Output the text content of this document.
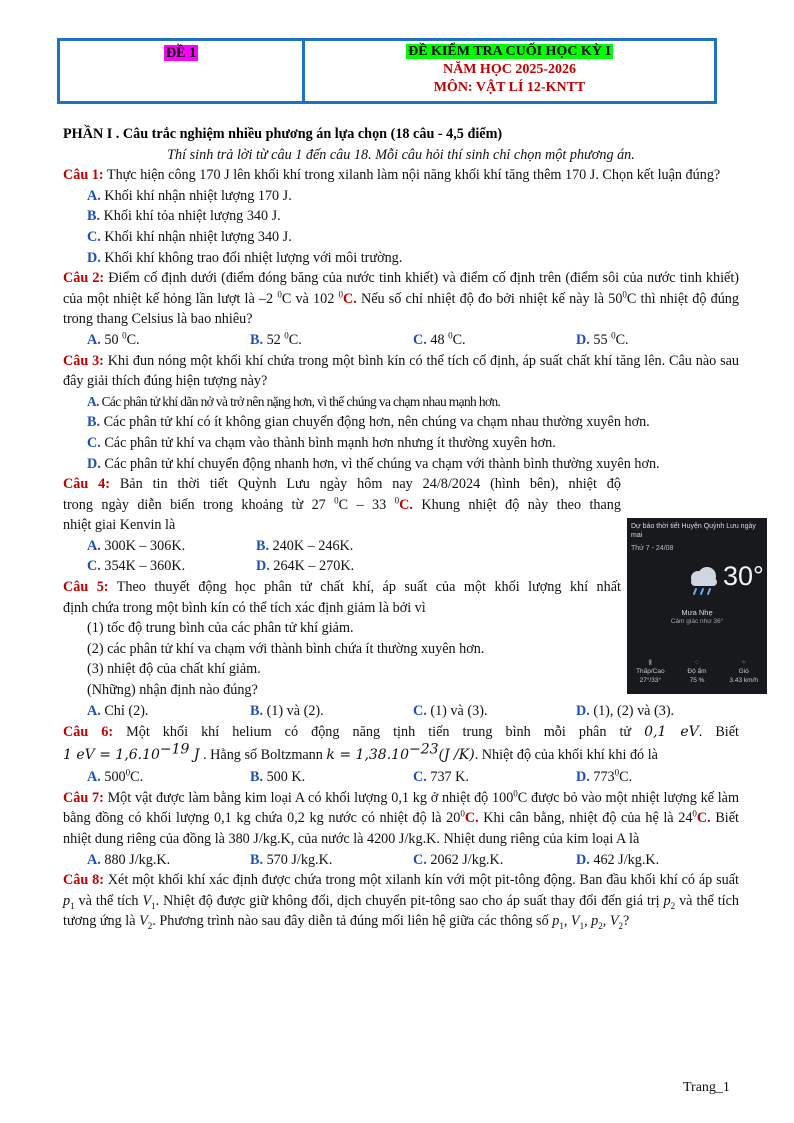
ĐỀ 1	ĐỀ KIỂM TRA CUỐI HỌC KỲ I
NĂM HỌC 2025-2026
MÔN: VẬT LÍ 12-KNTT
PHẦN I . Câu trắc nghiệm nhiều phương án lựa chọn (18 câu - 4,5 điểm)
Thí sinh trả lời từ câu 1 đến câu 18. Mỗi câu hỏi thí sinh chỉ chọn một phương án.
Câu 1: Thực hiện công 170 J lên khối khí trong xilanh làm nội năng khối khí tăng thêm 170 J. Chọn kết luận đúng?
A. Khối khí nhận nhiệt lượng 170 J.
B. Khối khí tỏa nhiệt lượng 340 J.
C. Khối khí nhận nhiệt lượng 340 J.
D. Khối khí không trao đổi nhiệt lượng với môi trường.
Câu 2: Điểm cố định dưới (điểm đóng băng của nước tinh khiết) và điểm cố định trên (điểm sôi của nước tinh khiết) của một nhiệt kế hỏng lần lượt là –2 $^0$C và 102 $^0$C. Nếu số chỉ nhiệt độ đo bởi nhiệt kế này là $50^0C$ thì nhiệt độ đúng trong thang Celsius là bao nhiêu?
A. 50 $^0$C.	B. 52 $^0$C.	C. 48 $^0$C.	D. 55 $^0$C.
Câu 3: Khi đun nóng một khối khí chứa trong một bình kín có thể tích cố định, áp suất chất khí tăng lên. Câu nào sau đây giải thích đúng hiện tượng này?
A. Các phân tử khí dãn nở và trở nên nặng hơn, vì thế chúng va chạm nhau mạnh hơn.
B. Các phân tử khí có ít không gian chuyển động hơn, nên chúng va chạm nhau thường xuyên hơn.
C. Các phân tử khí va chạm vào thành bình mạnh hơn nhưng ít thường xuyên hơn.
D. Các phân tử khí chuyển động nhanh hơn, vì thế chúng va chạm với thành bình thường xuyên hơn.
Câu 4: Bản tin thời tiết Quỳnh Lưu ngày hôm nay 24/8/2024 (hình bên), nhiệt độ
trong ngày diễn biến trong khoảng từ 27 $^0$C – 33 $^0$C. Khung nhiệt độ này theo thang
nhiệt giai Kenvin là
A. 300K – 306K.	B. 240K – 246K.
C. 354K – 360K.	D. 264K – 270K.
Câu 5: Theo thuyết động học phân tử chất khí, áp suất của một khối lượng khí nhất
định chứa trong một bình kín có thể tích xác định giảm là bởi vì
(1) tốc độ trung bình của các phân tử khí giảm.
(2) các phân tử khí va chạm với thành bình chứa ít thường xuyên hơn.
(3) nhiệt độ của chất khí giảm.
(Những) nhận định nào đúng?
A. Chỉ (2).	B. (1) và (2).	C. (1) và (3).	D. (1), (2) và (3).
Câu 6: Một khối khí helium có động năng tịnh tiến trung bình mỗi phân tử 0,1 eV. Biết
1 eV = $1,6.10^{-19}$ J . Hằng số Boltzmann $k = 1,38.10^{-23}(J$ /K). Nhiệt độ của khối khí khi đó là
A. $500^0C$.	B. 500 K.	C. 737 K.	D. $773^0C$.
Câu 7: Một vật được làm bằng kim loại A có khối lượng 0,1 kg ở nhiệt độ $100^0C$ được bỏ vào một nhiệt lượng kế làm bằng đồng có khối lượng 0,1 kg chứa 0,2 kg nước có nhiệt độ là $20^0C$. Khi cân bằng, nhiệt độ của hệ là $24^0C$. Biết nhiệt dung riêng của đồng là 380 J/kg.K, của nước là 4200 J/kg.K. Nhiệt dung riêng của kim loại A là
A. 880 J/kg.K.	B. 570 J/kg.K.	C. 2062 J/kg.K.	D. 462 J/kg.K.
Câu 8: Xét một khối khí xác định được chứa trong một xilanh kín với một pit-tông động. Ban đầu khối khí có áp suất $p_1$ và thể tích $V_1$. Nhiệt độ được giữ không đổi, dịch chuyển pit-tông sao cho áp suất thay đổi đến giá trị $p_2$ và thể tích tương ứng là $V_2$. Phương trình nào sau đây diễn tả đúng mối liên hệ giữa các thông số $p_1$, $V_1$, $p_2$, $V_2$?
Dự báo thời tiết Huyện Quỳnh Lưu ngày mai
Thứ 7 - 24/08
30°
Mưa Nhẹ
Cảm giác như 36°
▮
Thấp/Cao
27°/33°
○
Độ ẩm
75 %
≈
Gió
3.43 km/h
Trang_1
